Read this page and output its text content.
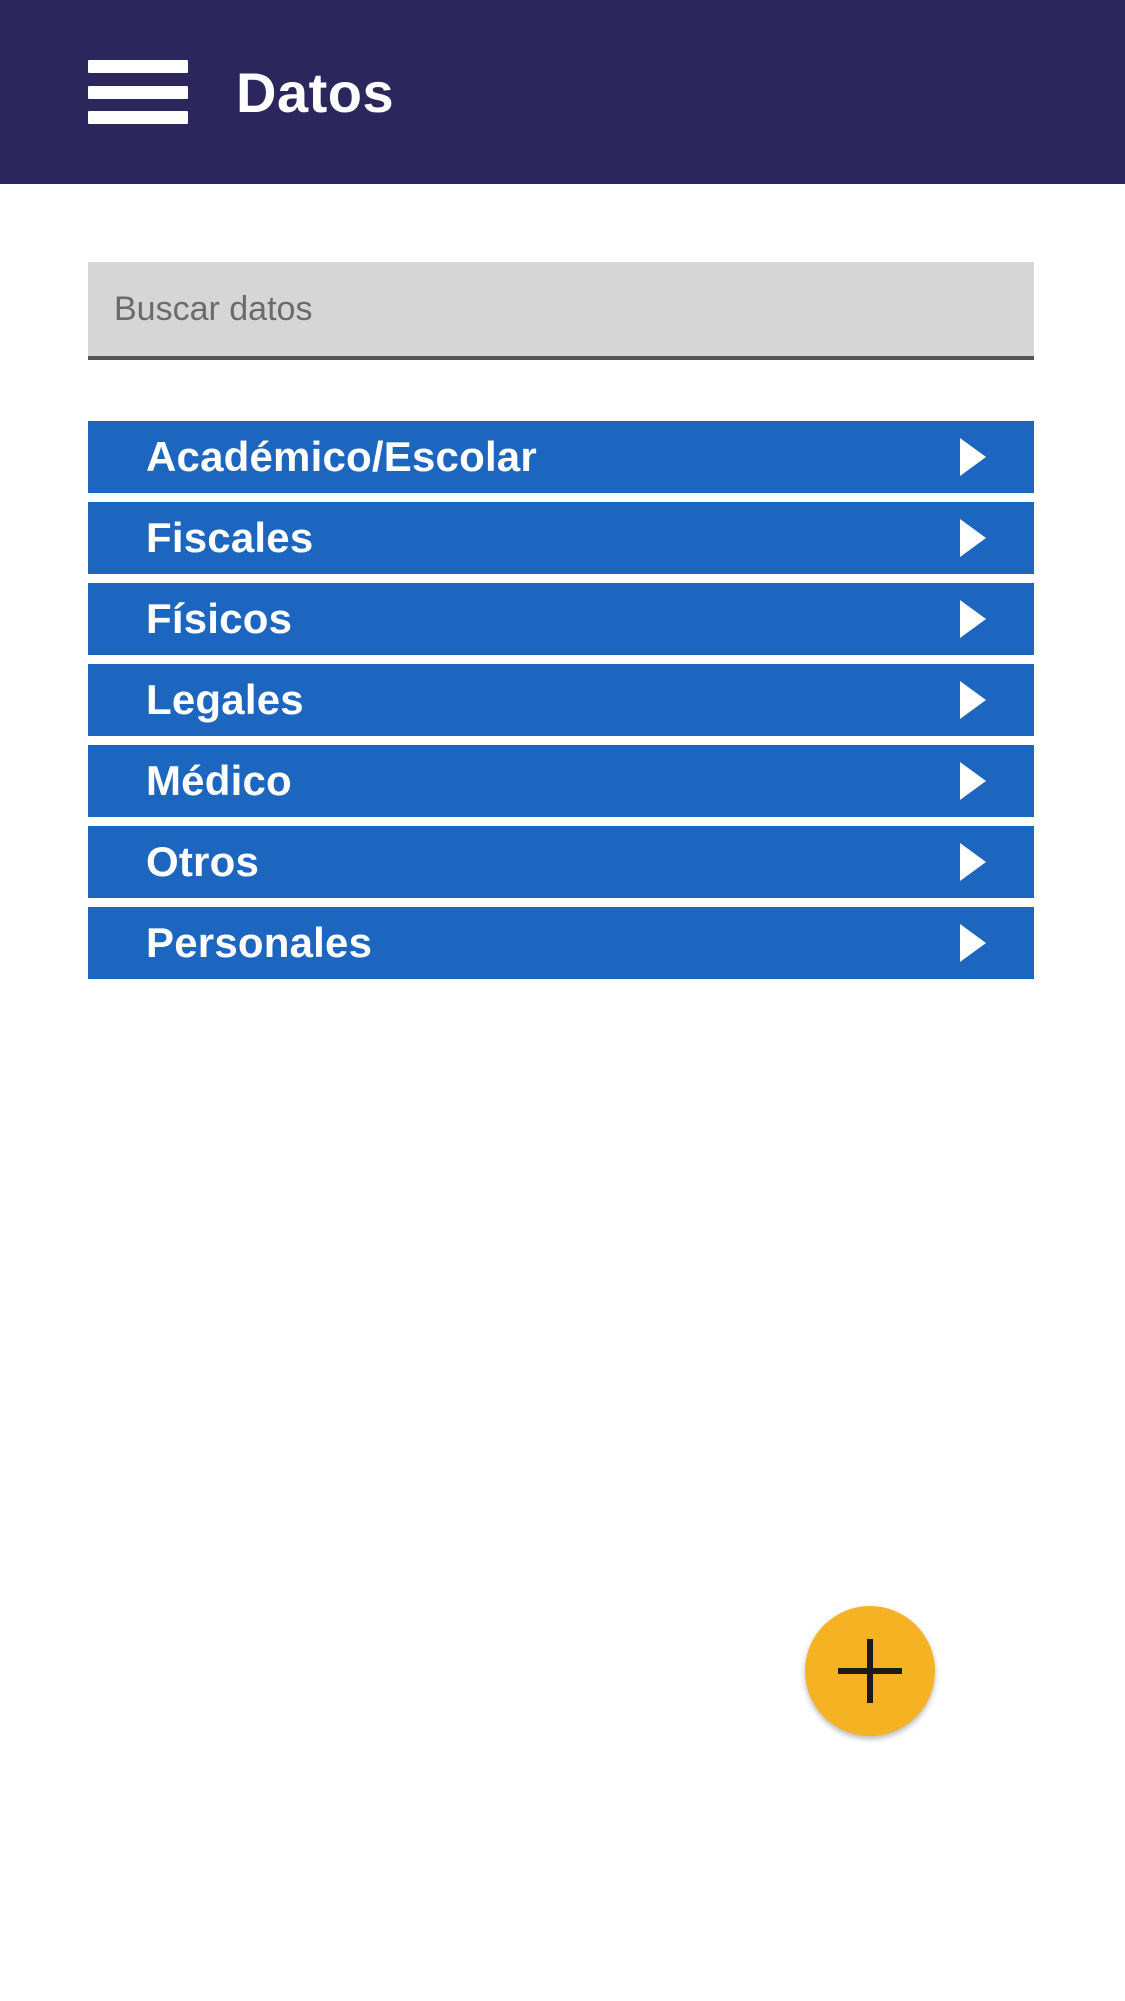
Datos
Buscar datos
Académico/Escolar
Fiscales
Físicos
Legales
Médico
Otros
Personales
